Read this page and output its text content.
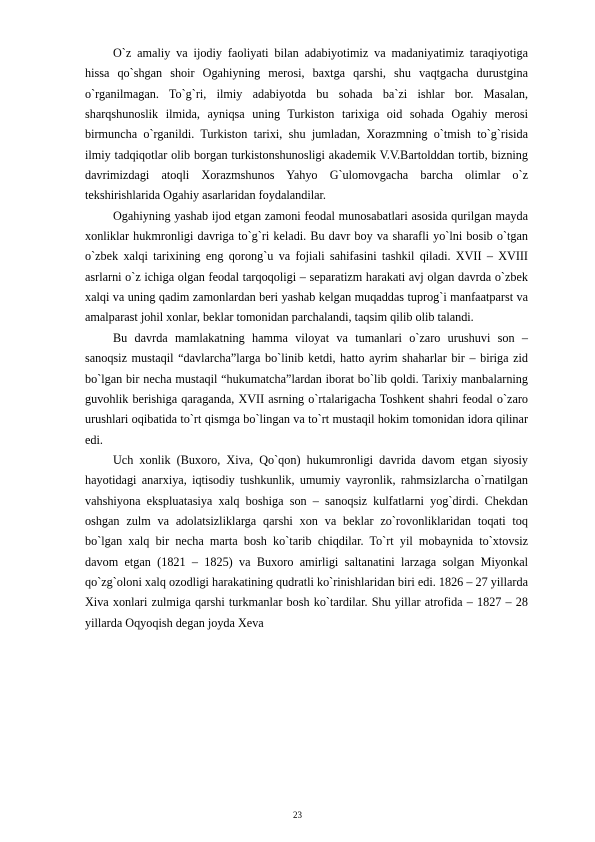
O`z amaliy va ijodiy faoliyati bilan adabiyotimiz va madaniyatimiz taraqiyotiga hissa qo`shgan shoir Ogahiyning merosi, baxtga qarshi, shu vaqtgacha durustgina o`rganilmagan. To`g`ri, ilmiy adabiyotda bu sohada ba`zi ishlar bor. Masalan, sharqshunoslik ilmida, ayniqsa uning Turkiston tarixiga oid sohada Ogahiy merosi birmuncha o`rganildi. Turkiston tarixi, shu jumladan, Xorazmning o`tmish to`g`risida ilmiy tadqiqotlar olib borgan turkistonshunosligi akademik V.V.Bartolddan tortib, bizning davrimizdagi atoqli Xorazmshunos Yahyo G`ulomovgacha barcha olimlar o`z tekshirishlarida Ogahiy asarlaridan foydalandilar.

Ogahiyning yashab ijod etgan zamoni feodal munosabatlari asosida qurilgan mayda xonliklar hukmronligi davriga to`g`ri keladi. Bu davr boy va sharafli yo`lni bosib o`tgan o`zbek xalqi tarixining eng qorong`u va fojiali sahifasini tashkil qiladi. XVII – XVIII asrlarni o`z ichiga olgan feodal tarqoqoligi – separatizm harakati avj olgan davrda o`zbek xalqi va uning qadim zamonlardan beri yashab kelgan muqaddas tuprog`i manfaatparst va amalparast johil xonlar, beklar tomonidan parchalandi, taqsim qilib olib talandi.

Bu davrda mamlakatning hamma viloyat va tumanlari o`zaro urushuvi son – sanoqsiz mustaqil “davlarcha”larga bo`linib ketdi, hatto ayrim shaharlar bir – biriga zid bo`lgan bir necha mustaqil “hukumatcha”lardan iborat bo`lib qoldi. Tarixiy manbalarning guvohlik berishiga qaraganda, XVII asrning o`rtalarigacha Toshkent shahri feodal o`zaro urushlari oqibatida to`rt qismga bo`lingan va to`rt mustaqil hokim tomonidan idora qilinar edi.

Uch xonlik (Buxoro, Xiva, Qo`qon) hukumronligi davrida davom etgan siyosiy hayotidagi anarxiya, iqtisodiy tushkunlik, umumiy vayronlik, rahmsizlarcha o`rnatilgan vahshiyona ekspluatasiya xalq boshiga son – sanoqsiz kulfatlarni yog`dirdi. Chekdan oshgan zulm va adolatsizliklarga qarshi xon va beklar zo`rovonliklaridan toqati toq bo`lgan xalq bir necha marta bosh ko`tarib chiqdilar. To`rt yil mobaynida to`xtovsiz davom etgan (1821 – 1825) va Buxoro amirligi saltanatini larzaga solgan Miyonkal qo`zg`oloni xalq ozodligi harakatining qudratli ko`rinishlaridan biri edi. 1826 – 27 yillarda Xiva xonlari zulmiga qarshi turkmanlar bosh ko`tardilar. Shu yillar atrofida – 1827 – 28 yillarda Oqyoqish degan joyda Xeva

23
